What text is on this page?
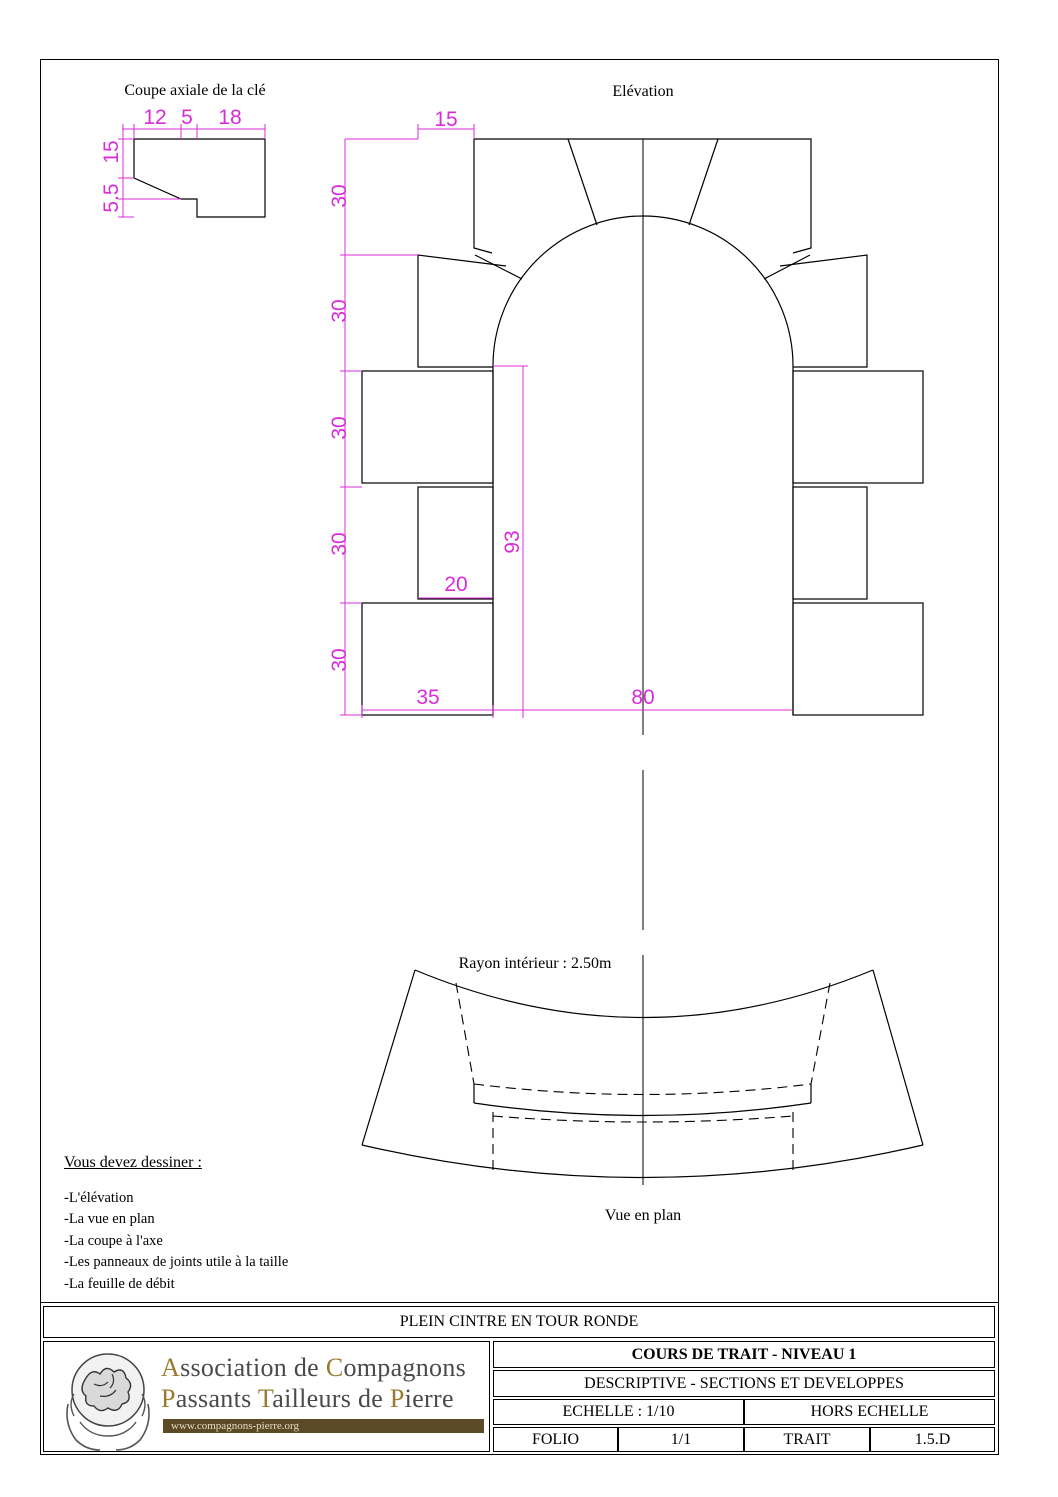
12 5 18
15
5.5
15
30
30
30
30
30
93
20
35	80
Coupe axiale de la clé	Elévation
Rayon intérieur : 2.50m
Vue en plan
Vous devez dessiner :
-L'élévation
-La vue en plan
-La coupe à l'axe
-Les panneaux de joints utile à la taille
-La feuille de débit
PLEIN CINTRE EN TOUR RONDE
Association de Compagnons
Passants Tailleurs de Pierre
www.compagnons-pierre.org
COURS DE TRAIT - NIVEAU 1
DESCRIPTIVE - SECTIONS ET DEVELOPPES
ECHELLE : 1/10	HORS ECHELLE
FOLIO	1/1	TRAIT	1.5.D
